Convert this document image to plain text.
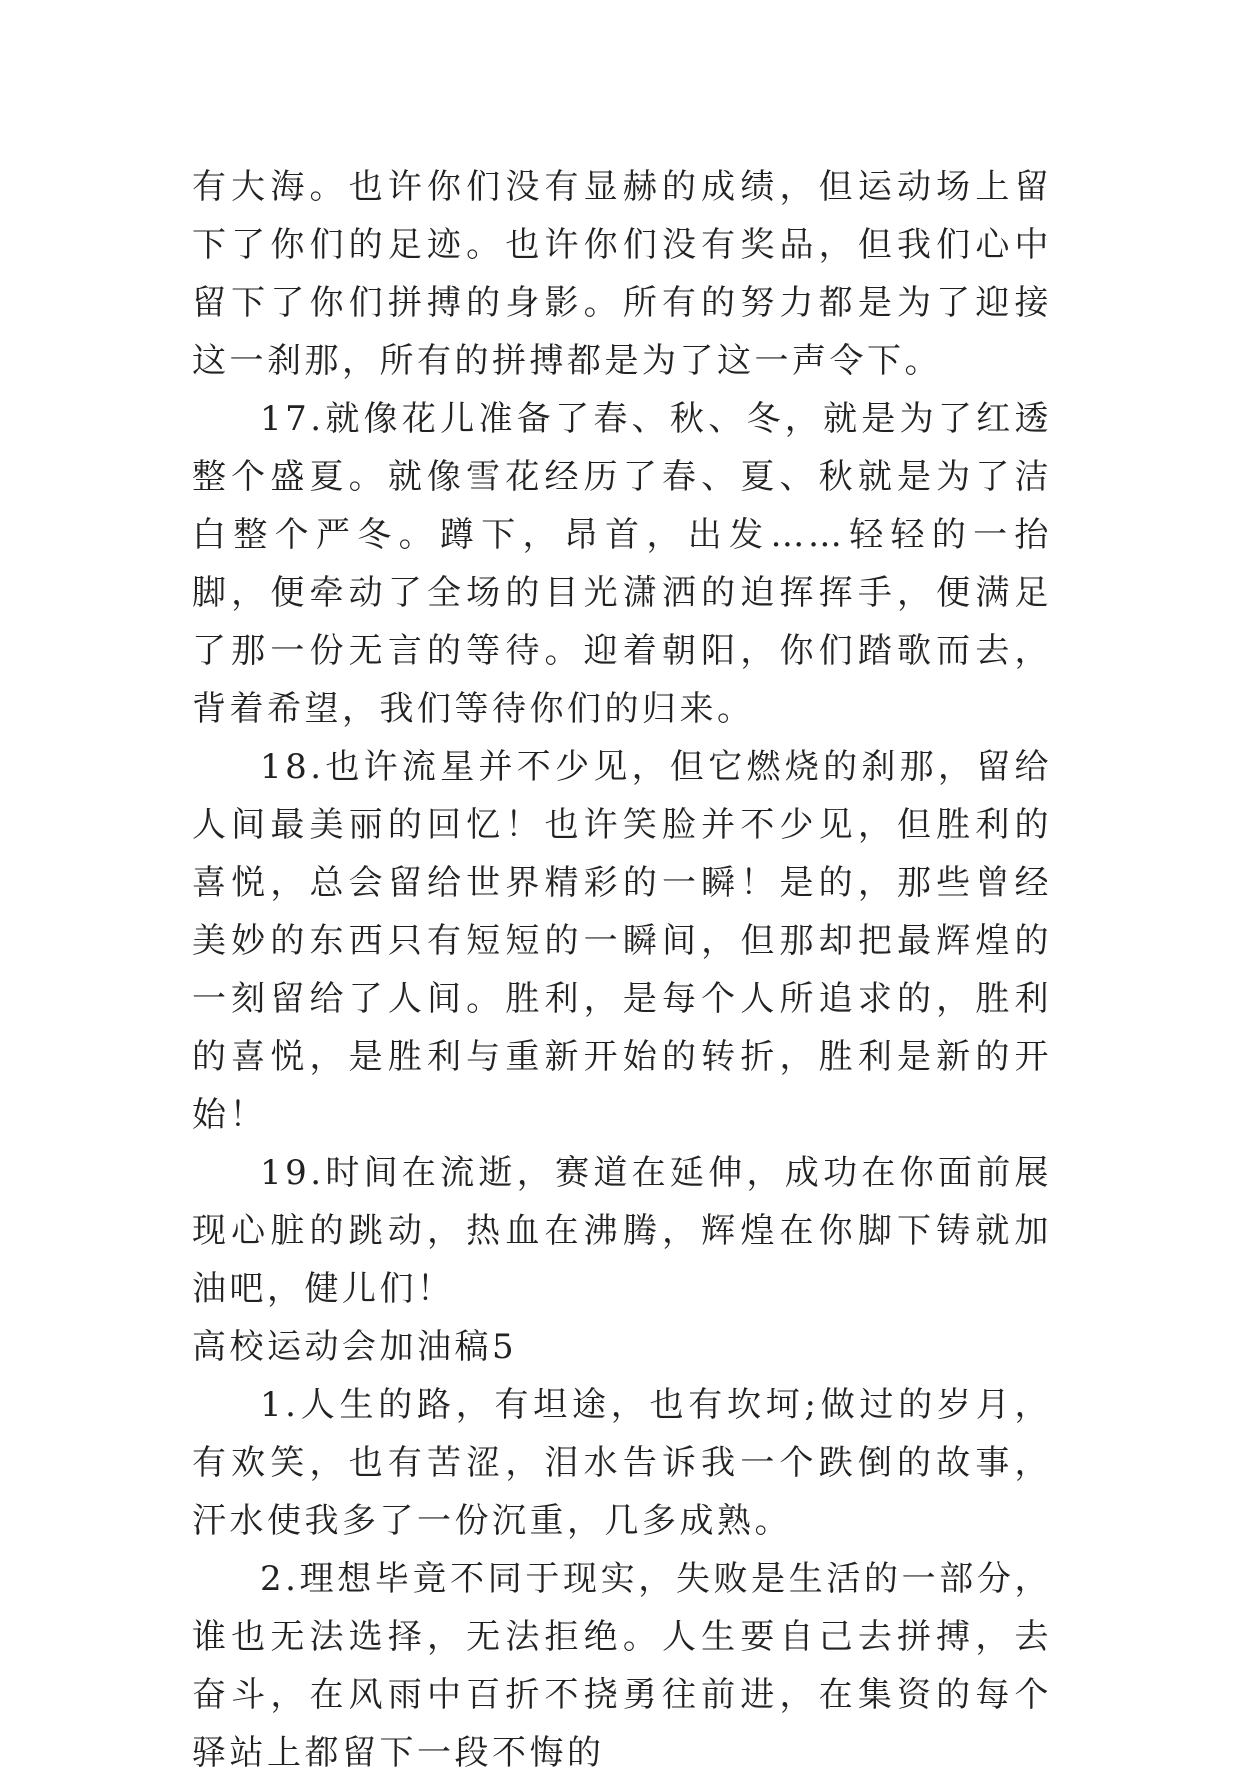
有大海。也许你们没有显赫的成绩，但运动场上留下了你们的足迹。也许你们没有奖品，但我们心中留下了你们拼搏的身影。所有的努力都是为了迎接这一刹那，所有的拼搏都是为了这一声令下。

17.就像花儿准备了春、秋、冬，就是为了红透整个盛夏。就像雪花经历了春、夏、秋就是为了洁白整个严冬。蹲下，昂首，出发……轻轻的一抬脚，便牵动了全场的目光潇洒的迫挥挥手，便满足了那一份无言的等待。迎着朝阳，你们踏歌而去，背着希望，我们等待你们的归来。

18.也许流星并不少见，但它燃烧的刹那，留给人间最美丽的回忆！也许笑脸并不少见，但胜利的喜悦，总会留给世界精彩的一瞬！是的，那些曾经美妙的东西只有短短的一瞬间，但那却把最辉煌的一刻留给了人间。胜利，是每个人所追求的，胜利的喜悦，是胜利与重新开始的转折，胜利是新的开始！

19.时间在流逝，赛道在延伸，成功在你面前展现心脏的跳动，热血在沸腾，辉煌在你脚下铸就加油吧，健儿们！

高校运动会加油稿5

1.人生的路，有坦途，也有坎坷;做过的岁月，有欢笑，也有苦涩，泪水告诉我一个跌倒的故事，汗水使我多了一份沉重，几多成熟。

2.理想毕竟不同于现实，失败是生活的一部分，谁也无法选择，无法拒绝。人生要自己去拼搏，去奋斗，在风雨中百折不挠勇往前进，在集资的每个驿站上都留下一段不悔的
